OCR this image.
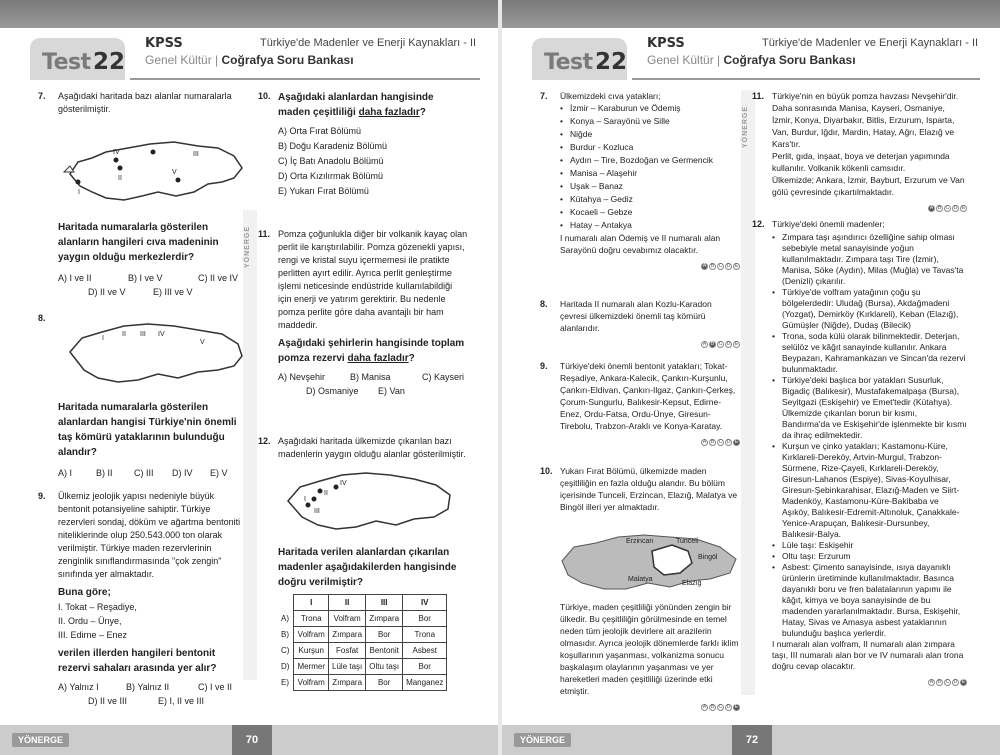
Test 22
KPSS
Genel Kültür | Coğrafya Soru Bankası
Türkiye'de Madenler ve Enerji Kaynakları - II
YÖNERGE
7. Aşağıdaki haritada bazı alanlar numaralarla gösterilmiştir.
I
II
III
IV
V
Haritada numaralarla gösterilen alanların hangileri cıva madeninin yaygın olduğu merkezlerdir?
A) I ve II	B) I ve V	C) II ve IV
D) II ve V	E) III ve V
8.
I
II III IV
V
Haritada numaralarla gösterilen alanlardan hangisi Türkiye'nin önemli taş kömürü yataklarının bulunduğu alandır?
A) I	B) II	C) III	D) IV	E) V
9. Ülkemiz jeolojik yapısı nedeniyle büyük bentonit potansiyeline sahiptir. Türkiye rezervleri sondaj, döküm ve ağartma bentoniti niteliklerinde olup 250.543.000 ton olarak verilmiştir. Türkiye maden rezervlerinin zenginlik sınıflandırmasında "çok zengin" sınıfında yer almaktadır.
Buna göre;
I. Tokat – Reşadiye,
II. Ordu – Ünye,
III. Edirne – Enez
verilen illerden hangileri bentonit rezervi sahaları arasında yer alır?
A) Yalnız I	B) Yalnız II	C) I ve II
D) II ve III	E) I, II ve III
10. Aşağıdaki alanlardan hangisinde maden çeşitliliği daha fazladır?
A) Orta Fırat Bölümü
B) Doğu Karadeniz Bölümü
C) İç Batı Anadolu Bölümü
D) Orta Kızılırmak Bölümü
E) Yukarı Fırat Bölümü
11. Pomza çoğunlukla diğer bir volkanik kayaç olan perlit ile karıştırılabilir. Pomza gözenekli yapısı, rengi ve kristal suyu içermemesi ile pratikte perlitten ayırt edilir. Ayrıca perlit genleştirme işlemi neticesinde endüstride kullanılabildiği için enerji ve yatırım gerektirir. Bu nedenle pomza perlite göre daha avantajlı bir ham maddedir.
Aşağıdaki şehirlerin hangisinde toplam pomza rezervi daha fazladır?
A) Nevşehir	B) Manisa	C) Kayseri
D) Osmaniye	E) Van
12. Aşağıdaki haritada ülkemizde çıkarılan bazı madenlerin yaygın olduğu alanlar gösterilmiştir.
I
II
III
IV
Haritada verilen alanlardan çıkarılan madenler aşağıdakilerden hangisinde doğru verilmiştir?
	I	II	III	IV
A)	Trona	Volfram	Zımpara	Bor
B)	Volfram	Zımpara	Bor	Trona
C)	Kurşun	Fosfat	Bentonit	Asbest
D)	Mermer	Lüle taşı	Oltu taşı	Bor
E)	Volfram	Zımpara	Bor	Manganez
YÖNERGE	70
Test 22
KPSS
Genel Kültür | Coğrafya Soru Bankası
Türkiye'de Madenler ve Enerji Kaynakları - II
YÖNERGE
7. Ülkemizdeki cıva yatakları;
• İzmir – Karaburun ve Ödemiş
• Konya – Sarayönü ve Sille
• Niğde
• Burdur - Kozluca
• Aydın – Tire, Bozdoğan ve Germencik
• Manisa – Alaşehir
• Uşak – Banaz
• Kütahya – Gediz
• Kocaeli – Gebze
• Hatay – Antakya
I numaralı alan Ödemiş ve II numaralı alan Sarayönü doğru cevabımız olacaktır.
A B C D E
8. Haritada II numaralı alan Kozlu-Karadon çevresi ülkemizdeki önemli taş kömürü alanlarıdır.
A B C D E
9. Türkiye'deki önemli bentonit yatakları; Tokat-Reşadiye, Ankara-Kalecik, Çankırı-Kurşunlu, Çankırı-Eldivan, Çankırı-Ilgaz, Çankırı-Çerkeş, Çorum-Sungurlu, Balıkesir-Kepsut, Edirne-Enez, Ordu-Fatsa, Ordu-Ünye, Giresun-Tirebolu, Trabzon-Araklı ve Konya-Karatay.
A B C D E
10. Yukarı Fırat Bölümü, ülkemizde maden çeşitliliğin en fazla olduğu alandır. Bu bölüm içerisinde Tunceli, Erzincan, Elazığ, Malatya ve Bingöl illeri yer almaktadır.
Erzincan	Tunceli
Bingöl
Malatya
Elazığ
Türkiye, maden çeşitliliği yönünden zengin bir ülkedir. Bu çeşitliliğin görülmesinde en temel neden tüm jeolojik devirlere ait arazilerin olmasıdır. Ayrıca jeolojik dönemlerde farklı iklim koşullarının yaşanması, volkanizma sonucu başkalaşım olaylarının yaşanması ve yer hareketleri maden çeşitliliği üzerinde etki etmiştir.
A B C D E
11. Türkiye'nin en büyük pomza havzası Nevşehir'dir. Daha sonrasında Manisa, Kayseri, Osmaniye, İzmir, Konya, Diyarbakır, Bitlis, Erzurum, Isparta, Van, Burdur, Iğdır, Mardin, Hatay, Ağrı, Elazığ ve Kars'tır.
Perlit, gıda, inşaat, boya ve deterjan yapımında kullanılır. Volkanik kökenli camsıdır.
Ülkemizde; Ankara, İzmir, Bayburt, Erzurum ve Van gölü çevresinde çıkartılmaktadır.
A B C D E
12. Türkiye'deki önemli madenler;
• Zımpara taşı aşındırıcı özelliğine sahip olması sebebiyle metal sanayisinde yoğun kullanılmaktadır. Zımpara taşı Tire (İzmir), Manisa, Söke (Aydın), Milas (Muğla) ve Tavas'ta (Denizli) çıkarılır.
• Türkiye'de volfram yatağının çoğu şu bölgelerdedir: Uludağ (Bursa), Akdağmadeni (Yozgat), Demirköy (Kırklareli), Keban (Elazığ), Gümüşler (Niğde), Dudaş (Bilecik)
• Trona, soda külü olarak bilinmektedir. Deterjan, selülöz ve kâğıt sanayinde kullanılır. Ankara Beypazarı, Kahramankazan ve Sincan'da rezervi bulunmaktadır.
• Türkiye'deki başlıca bor yatakları Susurluk, Bigadiç (Balıkesir), Mustafakemalpaşa (Bursa), Seyitgazi (Eskişehir) ve Emet'tedir (Kütahya). Ülkemizde çıkarılan borun bir kısmı, Bandırma'da ve Eskişehir'de işlenmekte bir kısmı da ihraç edilmektedir.
• Kurşun ve çinko yatakları; Kastamonu-Küre, Kırklareli-Dereköy, Artvin-Murgul, Trabzon-Sürmene, Rize-Çayeli, Kırklareli-Dereköy, Giresun-Lahanos (Espiye), Sivas-Koyulhisar, Giresun-Şebinkarahisar, Elazığ-Maden ve Siirt-Madenköy, Kastamonu-Küre-Bakibaba ve Aşıköy, Balıkesir-Edremit-Altınoluk, Çanakkale-Yenice-Arapuçan, Balıkesir-Dursunbey, Balıkesir-Balya.
• Lüle taşı: Eskişehir
• Oltu taşı: Erzurum
• Asbest: Çimento sanayisinde, ısıya dayanıklı ürünlerin üretiminde kullanılmaktadır. Basınca dayanıklı boru ve fren balatalarının yapımı ile kâğıt, kimya ve boya sanayisinde de bu madenden yararlanılmaktadır. Bursa, Eskişehir, Hatay, Sivas ve Amasya asbest yataklarının bulunduğu başlıca yerlerdir.
I numaralı alan volfram, II numaralı alan zımpara taşı, III numaralı alan bor ve IV numaralı alan trona doğru cevap olacaktır.
A B C D E
YÖNERGE	72
